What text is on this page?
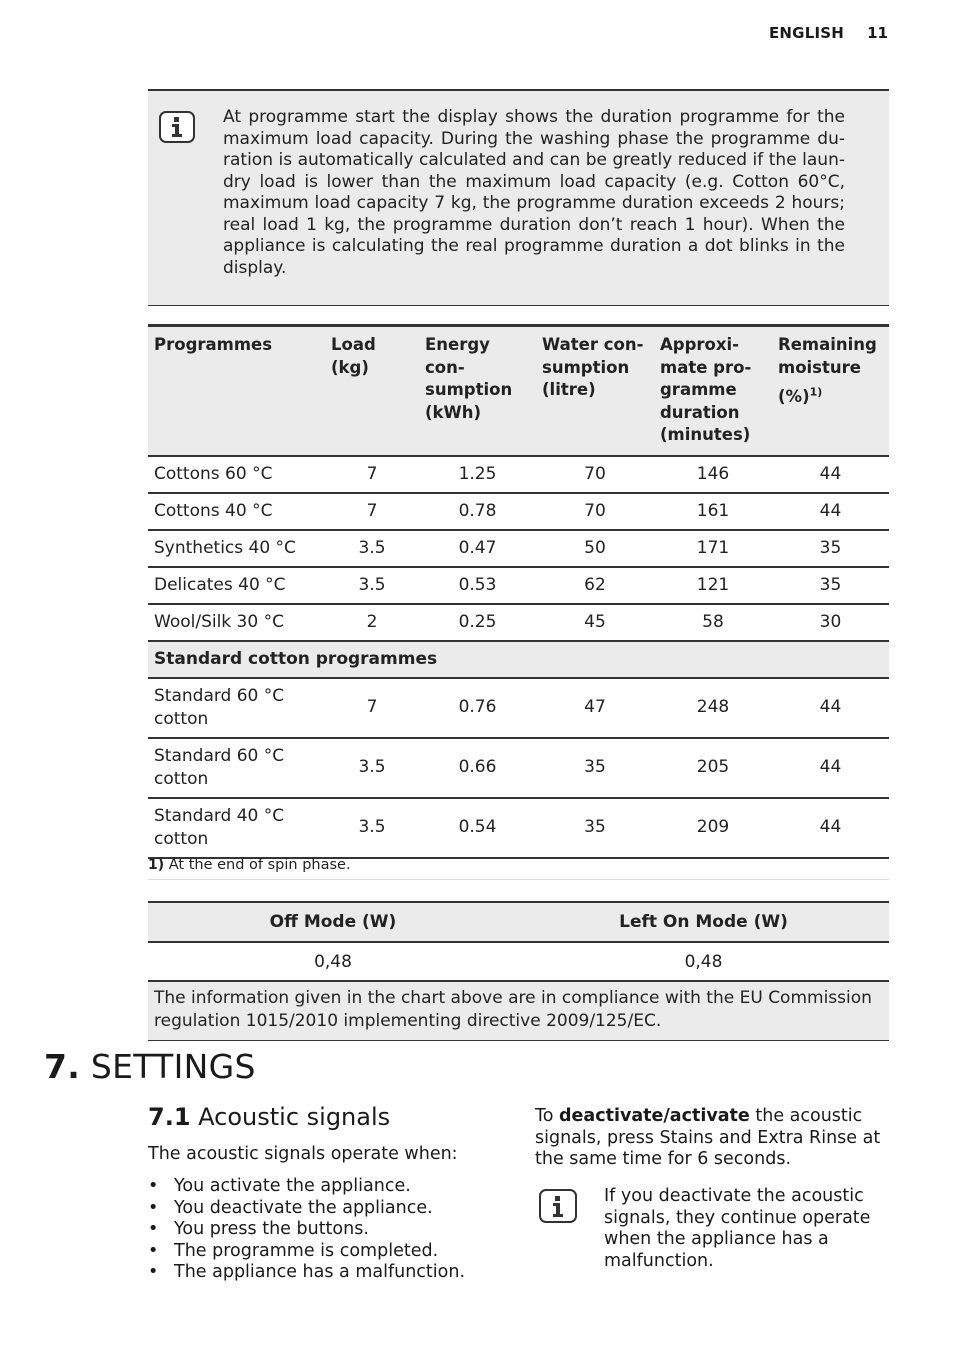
ENGLISH 11
At programme start the display shows the duration programme for the maximum load capacity. During the washing phase the programme duration is automatically calculated and can be greatly reduced if the laundry load is lower than the maximum load capacity (e.g. Cotton 60°C, maximum load capacity 7 kg, the programme duration exceeds 2 hours; real load 1 kg, the programme duration don’t reach 1 hour). When the appliance is calculating the real programme duration a dot blinks in the display.
Programmes	Load (kg)	Energy consumption (kWh)	Water consumption (litre)	Approximate programme duration (minutes)	Remaining moisture
(%)$^{1)}$
Cottons 60 °C	7	1.25	70	146	44
Cottons 40 °C	7	0.78	70	161	44
Synthetics 40 °C	3.5	0.47	50	171	35
Delicates 40 °C	3.5	0.53	62	121	35
Wool/Silk 30 °C	2	0.25	45	58	30
Standard cotton programmes					
Standard 60 °C cotton	7	0.76	47	248	44
Standard 60 °C cotton	3.5	0.66	35	205	44
Standard 40 °C cotton	3.5	0.54	35	209	44
1) At the end of spin phase.
Off Mode (W)	Left On Mode (W)
0,48	0,48
The information given in the chart above are in compliance with the EU Commission regulation 1015/2010 implementing directive 2009/125/EC.	
7. SETTINGS
7.1 Acoustic signals
The acoustic signals operate when:
• You activate the appliance.
• You deactivate the appliance.
• You press the buttons.
• The programme is completed.
• The appliance has a malfunction.
To deactivate/activate the acoustic signals, press Stains and Extra Rinse at the same time for 6 seconds.
If you deactivate the acoustic signals, they continue operate when the appliance has a malfunction.
